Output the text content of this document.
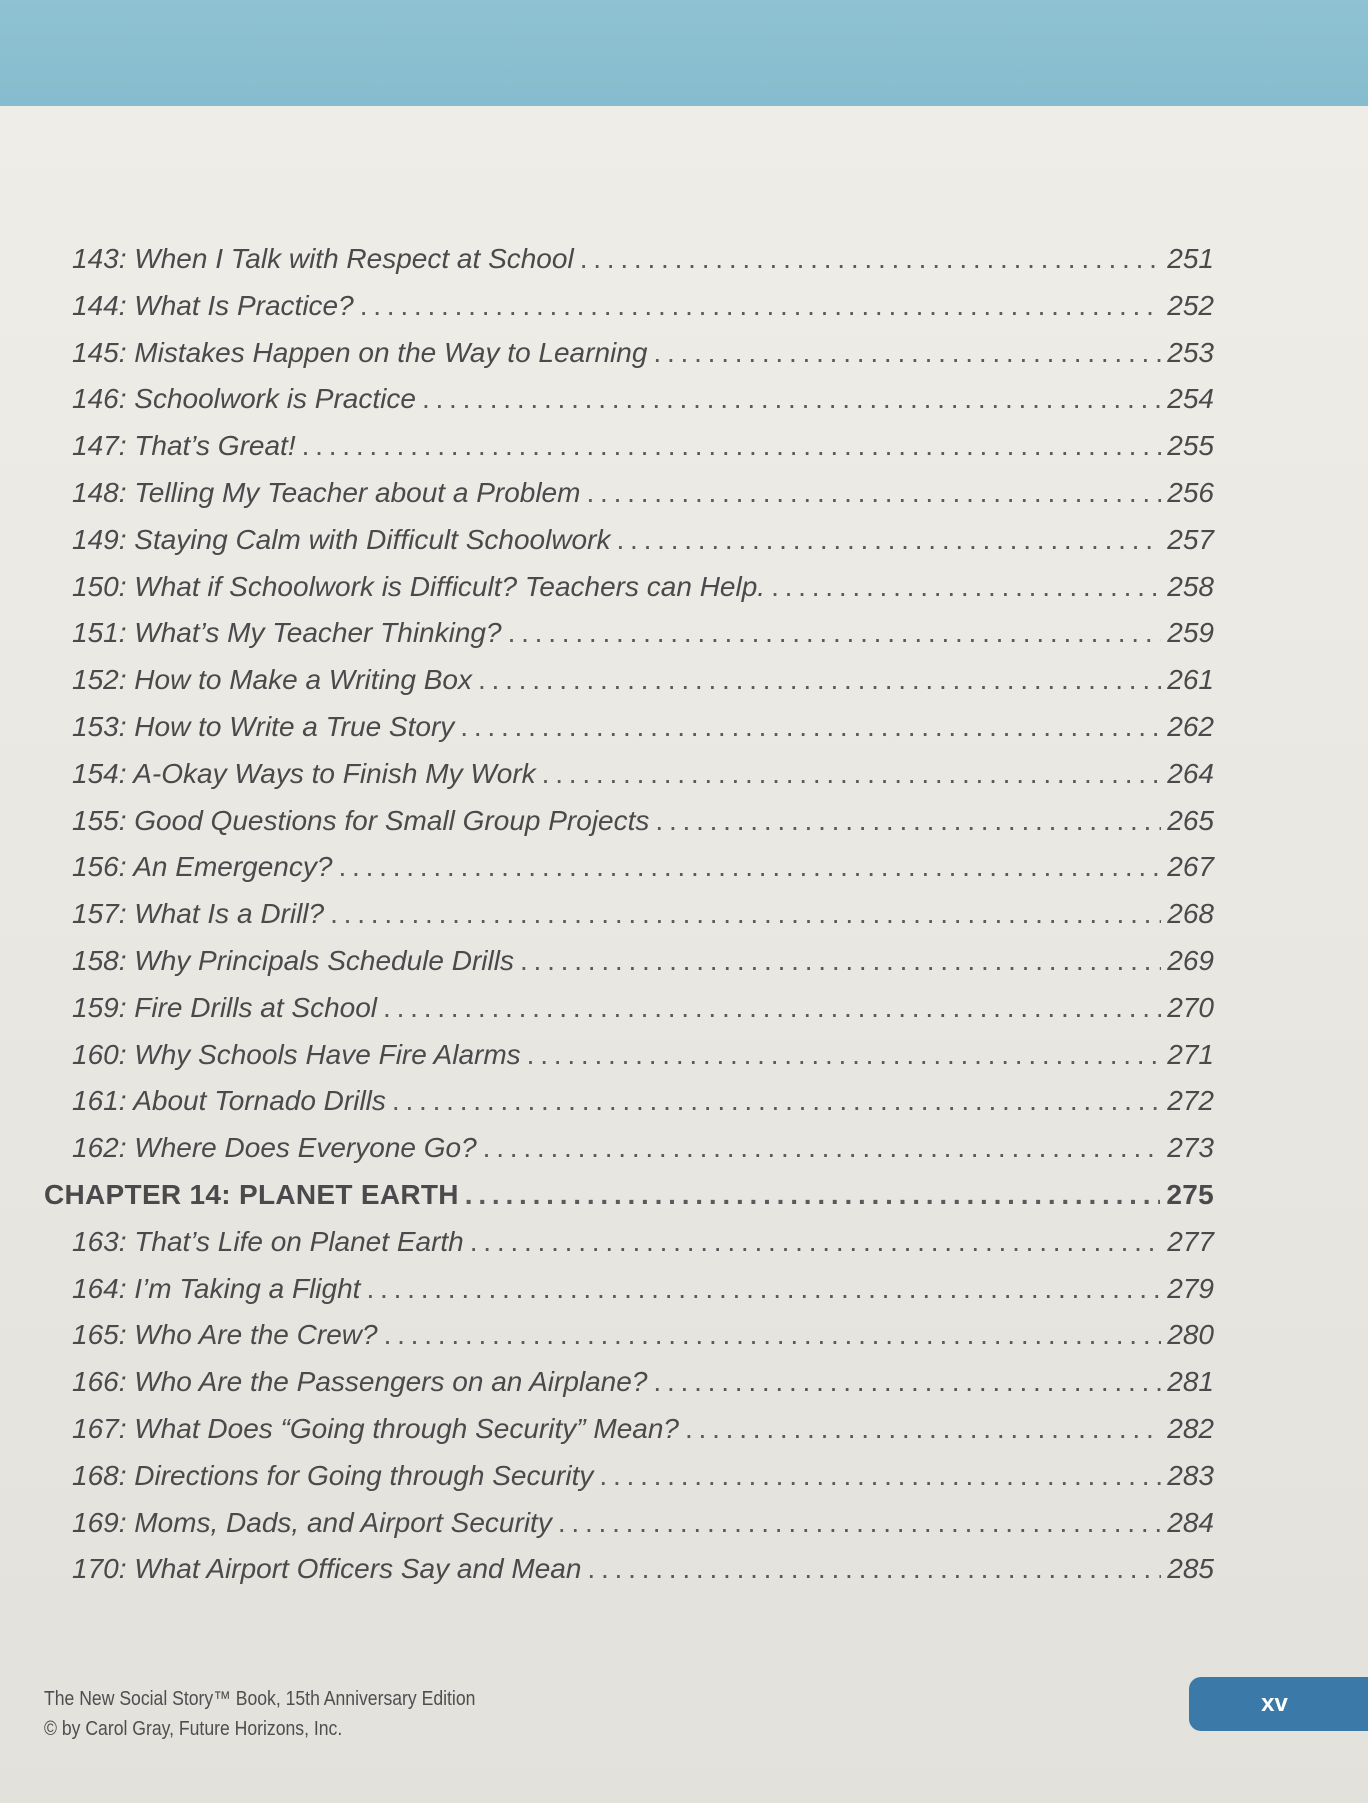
143: When I Talk with Respect at School . . .	251
144: What Is Practice? . . .	252
145: Mistakes Happen on the Way to Learning . . .	253
146: Schoolwork is Practice . . .	254
147: That’s Great! . . .	255
148: Telling My Teacher about a Problem . . .	256
149: Staying Calm with Difficult Schoolwork . . .	257
150: What if Schoolwork is Difficult? Teachers can Help. . . .	258
151: What’s My Teacher Thinking? . . .	259
152: How to Make a Writing Box . . .	261
153: How to Write a True Story . . .	262
154: A-Okay Ways to Finish My Work . . .	264
155: Good Questions for Small Group Projects . . .	265
156: An Emergency? . . .	267
157: What Is a Drill? . . .	268
158: Why Principals Schedule Drills . . .	269
159: Fire Drills at School . . .	270
160: Why Schools Have Fire Alarms . . .	271
161: About Tornado Drills . . .	272
162: Where Does Everyone Go? . . .	273
CHAPTER 14: PLANET EARTH . . .	275
163: That’s Life on Planet Earth . . .	277
164: I’m Taking a Flight . . .	279
165: Who Are the Crew? . . .	280
166: Who Are the Passengers on an Airplane? . . .	281
167: What Does “Going through Security” Mean? . . .	282
168: Directions for Going through Security . . .	283
169: Moms, Dads, and Airport Security . . .	284
170: What Airport Officers Say and Mean . . .	285
The New Social Story™ Book, 15th Anniversary Edition
© by Carol Gray, Future Horizons, Inc.
xv
